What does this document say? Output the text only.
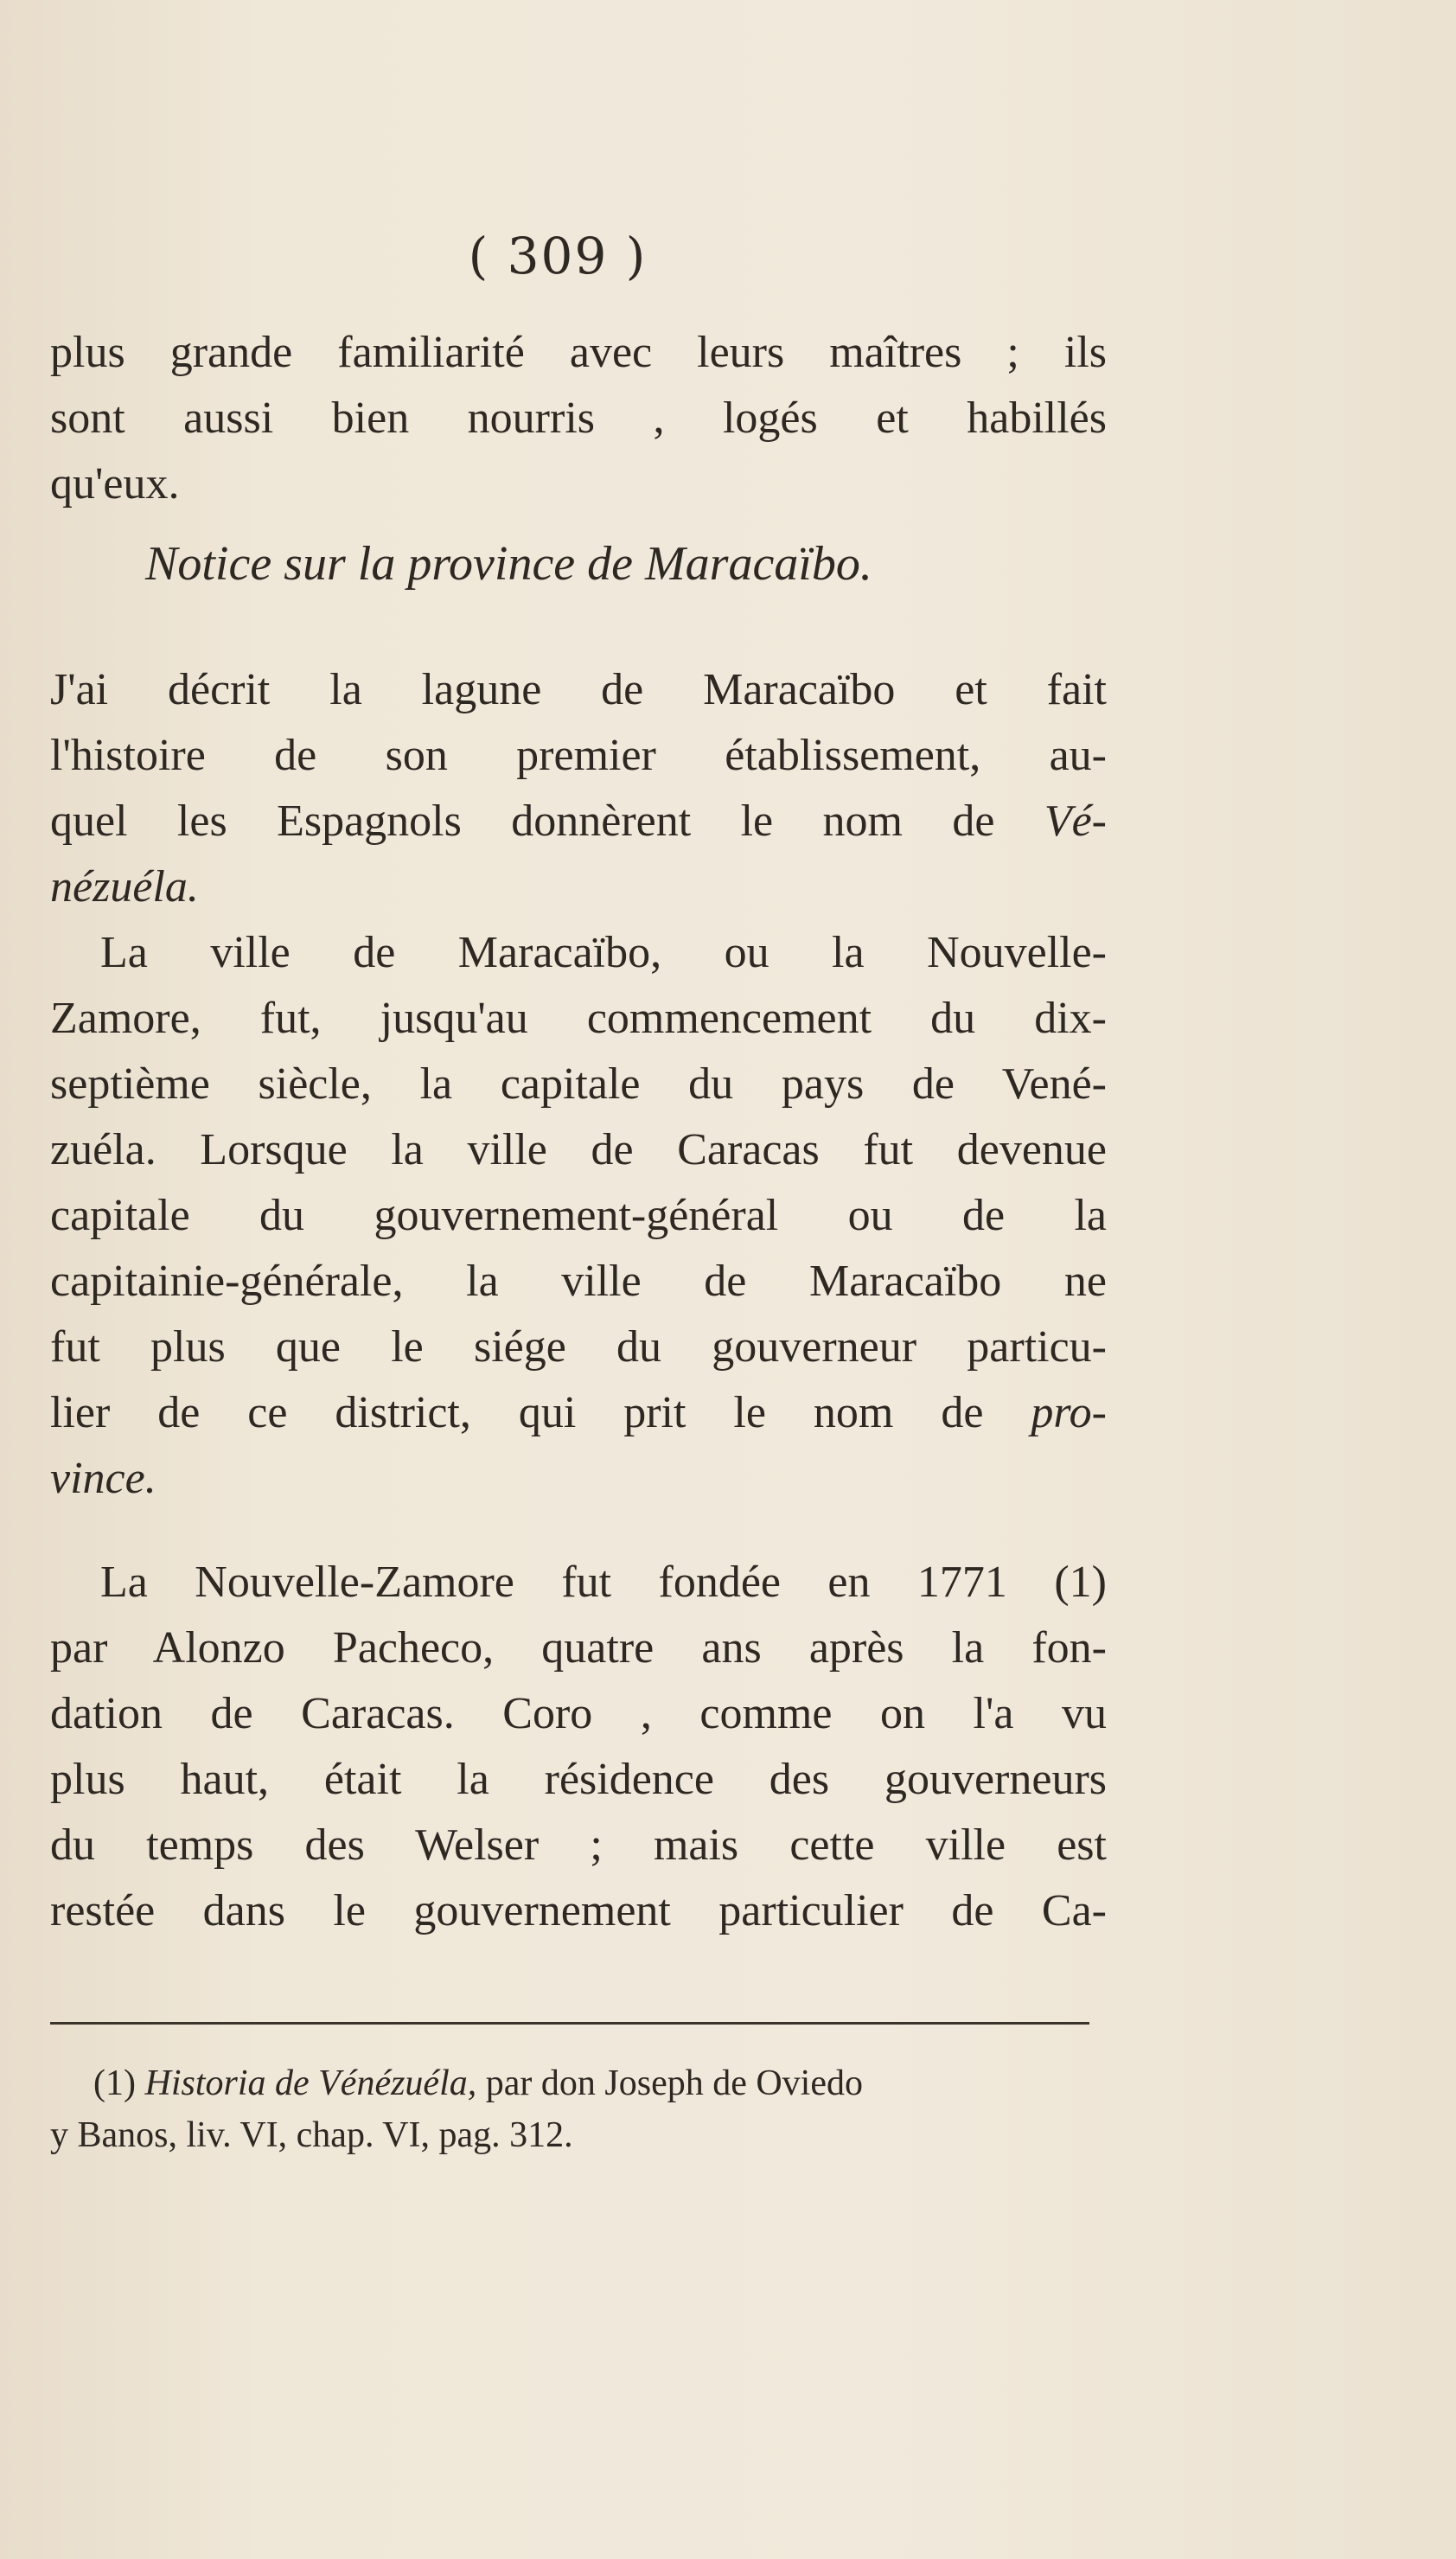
( 309 )
plus grande familiarité avec leurs maîtres ; ils
sont aussi bien nourris , logés et habillés
qu'eux.
Notice sur la province de Maracaïbo.
J'ai décrit la lagune de Maracaïbo et fait
l'histoire de son premier établissement, au-
quel les Espagnols donnèrent le nom de Vé-
nézuéla.
La ville de Maracaïbo, ou la Nouvelle-
Zamore, fut, jusqu'au commencement du dix-
septième siècle, la capitale du pays de Vené-
zuéla. Lorsque la ville de Caracas fut devenue
capitale du gouvernement-général ou de la
capitainie-générale, la ville de Maracaïbo ne
fut plus que le siége du gouverneur particu-
lier de ce district, qui prit le nom de pro-
vince.
La Nouvelle-Zamore fut fondée en 1771 (1)
par Alonzo Pacheco, quatre ans après la fon-
dation de Caracas. Coro , comme on l'a vu
plus haut, était la résidence des gouverneurs
du temps des Welser ; mais cette ville est
restée dans le gouvernement particulier de Ca-
(1) Historia de Vénézuéla, par don Joseph de Oviedo
y Banos, liv. VI, chap. VI, pag. 312.
